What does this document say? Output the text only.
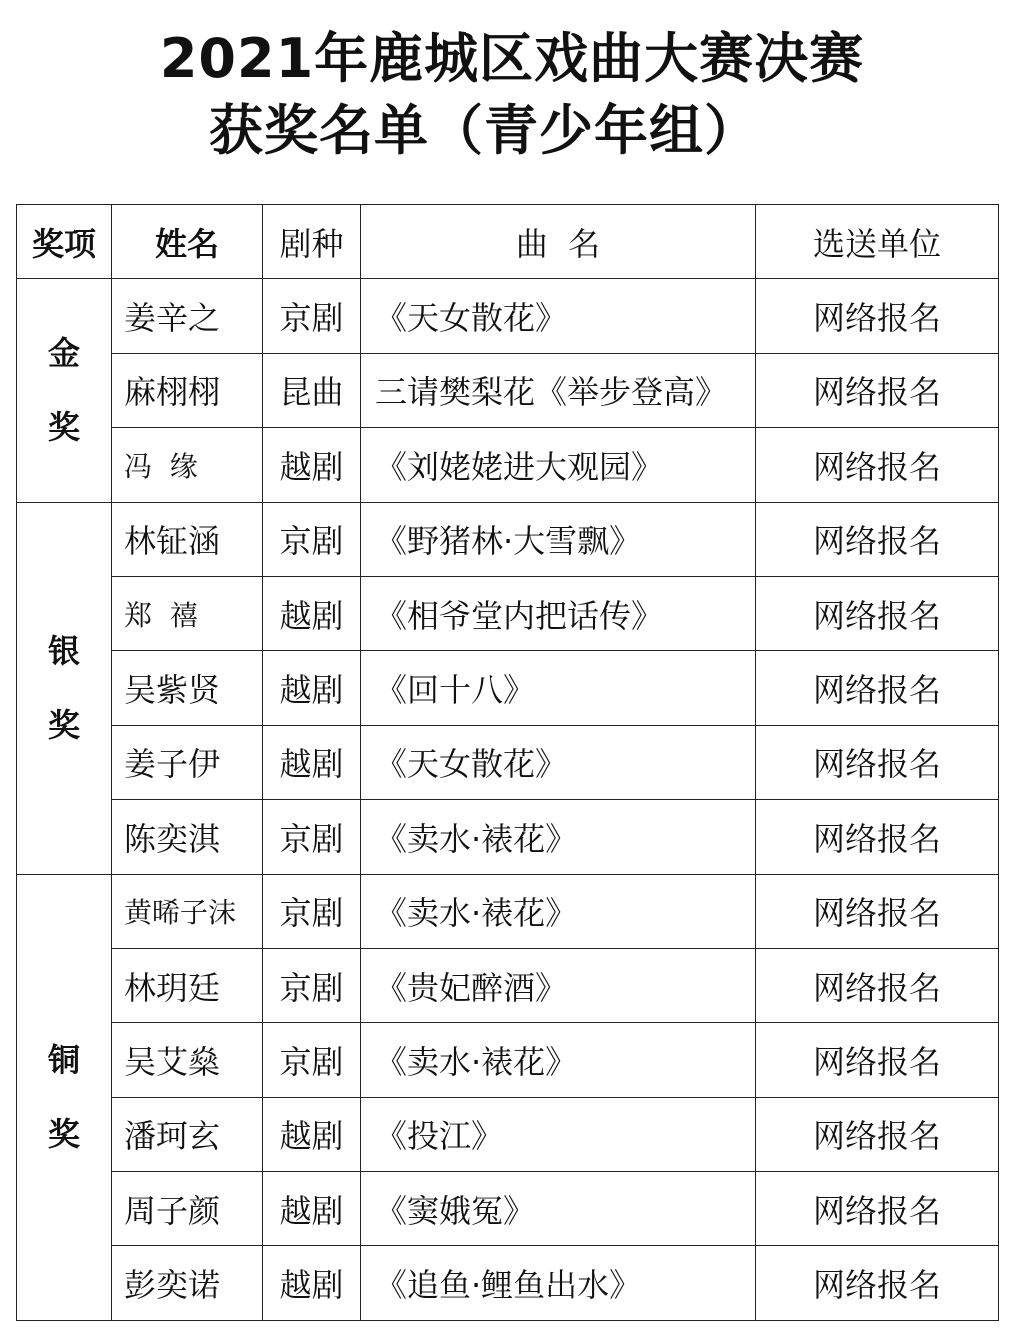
2021年鹿城区戏曲大赛决赛
获奖名单（青少年组）
奖项	姓名	剧种	曲  名	选送单位

金
奖	姜辛之	京剧	《天女散花》	网络报名
	麻栩栩	昆曲	三请樊梨花《举步登高》	网络报名
	冯  缘	越剧	《刘姥姥进大观园》	网络报名

银
奖	林钲涵	京剧	《野猪林·大雪飘》	网络报名
	郑  禧	越剧	《相爷堂内把话传》	网络报名
	吴紫贤	越剧	《回十八》	网络报名
	姜子伊	越剧	《天女散花》	网络报名
	陈奕淇	京剧	《卖水·裱花》	网络报名

铜
奖	黄晞子沫	京剧	《卖水·裱花》	网络报名
	林玥廷	京剧	《贵妃醉酒》	网络报名
	吴艾燊	京剧	《卖水·裱花》	网络报名
	潘珂玄	越剧	《投江》	网络报名
	周子颜	越剧	《窦娥冤》	网络报名
	彭奕诺	越剧	《追鱼·鲤鱼出水》	网络报名
